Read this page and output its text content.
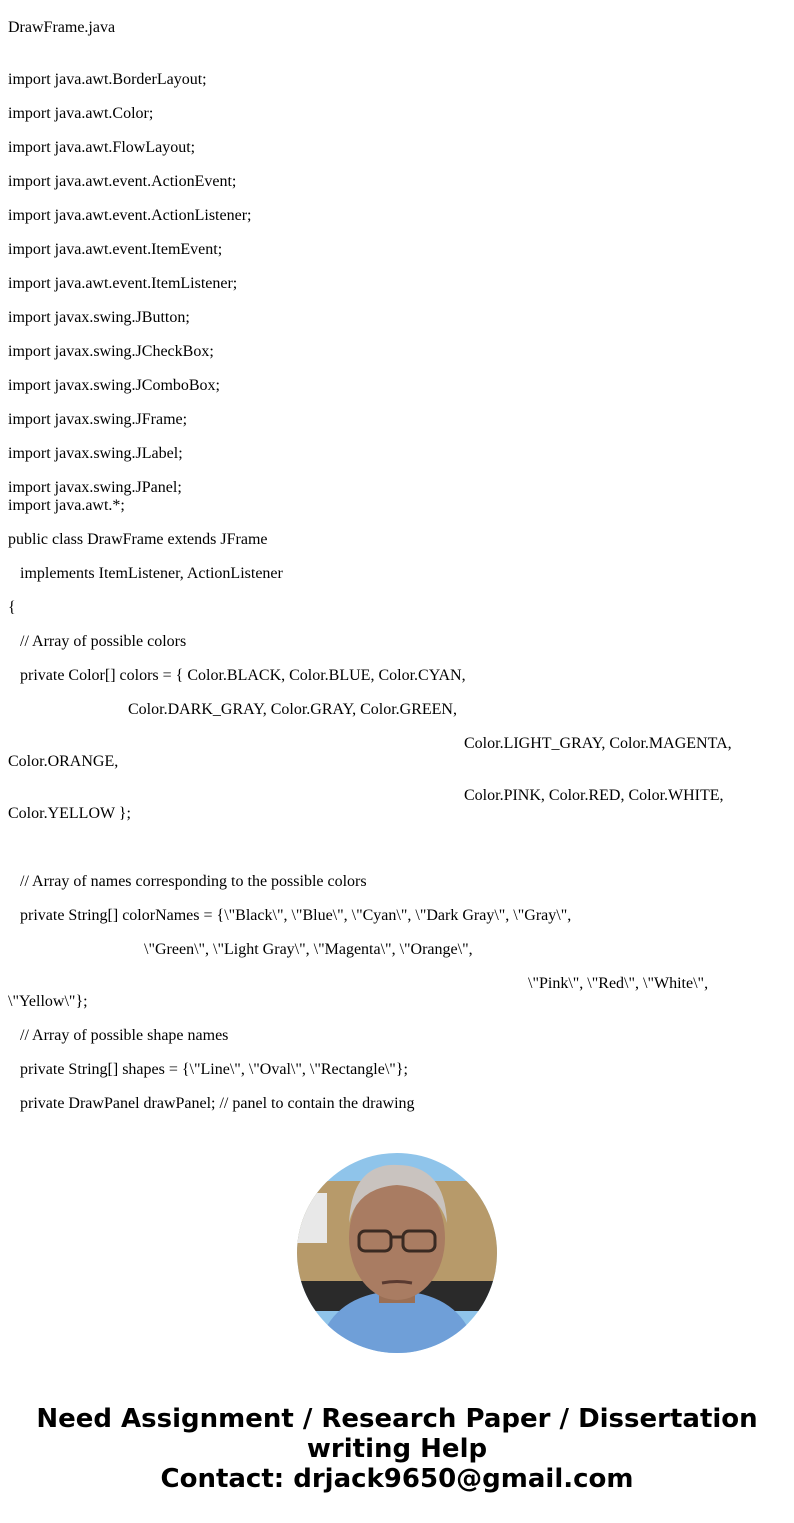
DrawFrame.java
import java.awt.BorderLayout;
import java.awt.Color;
import java.awt.FlowLayout;
import java.awt.event.ActionEvent;
import java.awt.event.ActionListener;
import java.awt.event.ItemEvent;
import java.awt.event.ItemListener;
import javax.swing.JButton;
import javax.swing.JCheckBox;
import javax.swing.JComboBox;
import javax.swing.JFrame;
import javax.swing.JLabel;
import javax.swing.JPanel;
import java.awt.*;
public class DrawFrame extends JFrame
implements ItemListener, ActionListener
{
// Array of possible colors
private Color[] colors = { Color.BLACK, Color.BLUE, Color.CYAN,
Color.DARK_GRAY, Color.GRAY, Color.GREEN,
Color.LIGHT_GRAY, Color.MAGENTA, Color.ORANGE,
Color.PINK, Color.RED, Color.WHITE, Color.YELLOW };
// Array of names corresponding to the possible colors
private String[] colorNames = {\"Black\", \"Blue\", \"Cyan\", \"Dark Gray\", \"Gray\",
\"Green\", \"Light Gray\", \"Magenta\", \"Orange\",
\"Pink\", \"Red\", \"White\", \"Yellow\"};
// Array of possible shape names
private String[] shapes = {\"Line\", \"Oval\", \"Rectangle\"};
private DrawPanel drawPanel; // panel to contain the drawing
Need Assignment / Research Paper / Dissertation writing Help
Contact: drjack9650@gmail.com
